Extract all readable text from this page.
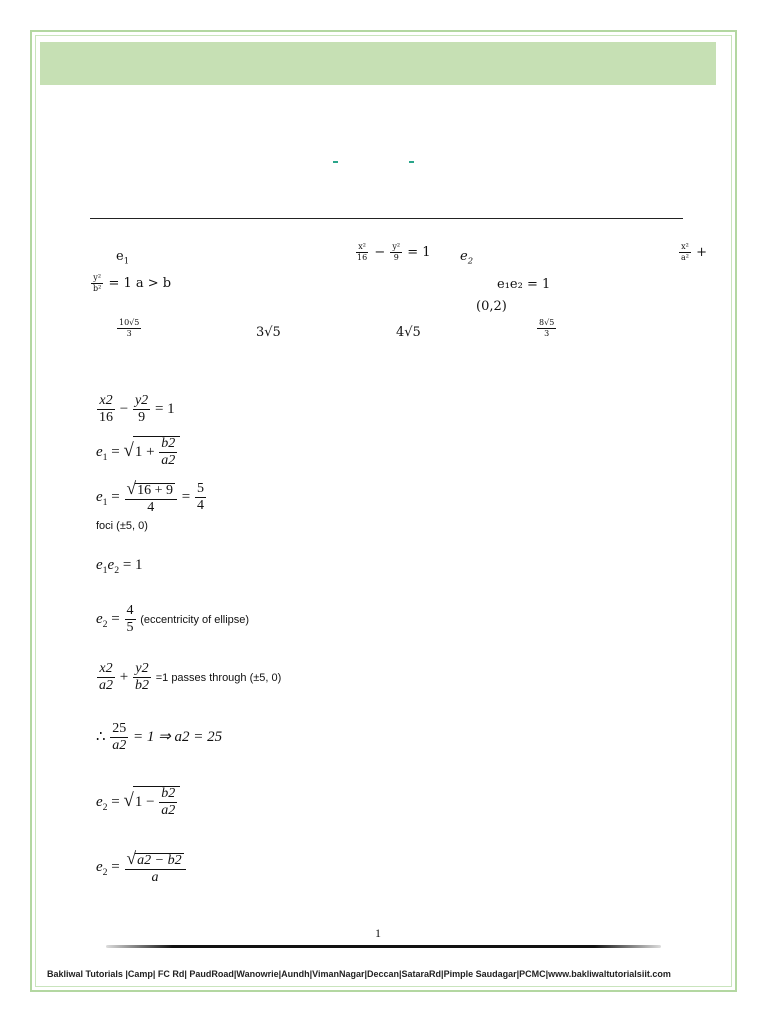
$e_1$	$\frac{\text{x²}}{16} - \frac{\text{y²}}{9} = 1$ $e_2$	$\frac{\text{x²}}{\text{a²}}$ +
$\frac{\text{y²}}{\text{b²}} = 1$ a > b	e₁e₂ = 1
(0,2)
$\frac{10√5}{3}$	3√5	4√5	$\frac{8√5}{3}$
$\frac{x2}{16} - \frac{y2}{9} = 1$
$e_1 = √1 + \frac{b2}{a2}$
$e_1 = \frac{√16 + 9}{4} = \frac{5}{4}$
foci (±5, 0)
$e_1e_2 = 1$
$e_2 = \frac{4}{5}$ (eccentricity of ellipse)
$\frac{x2}{a2} + \frac{y2}{b2} =1$ passes through (±5, 0)
∴ $\frac{25}{a2} = 1$ ⇒ a2 = 25
$e_2 = √1 - \frac{b2}{a2}$
$e_2 = \frac{√a2 - b2}{a}$
1
Bakliwal Tutorials |Camp| FC Rd| PaudRoad|Wanowrie|Aundh|VimanNagar|Deccan|SataraRd|Pimple Saudagar|PCMC|www.bakliwaltutorialsiit.com
